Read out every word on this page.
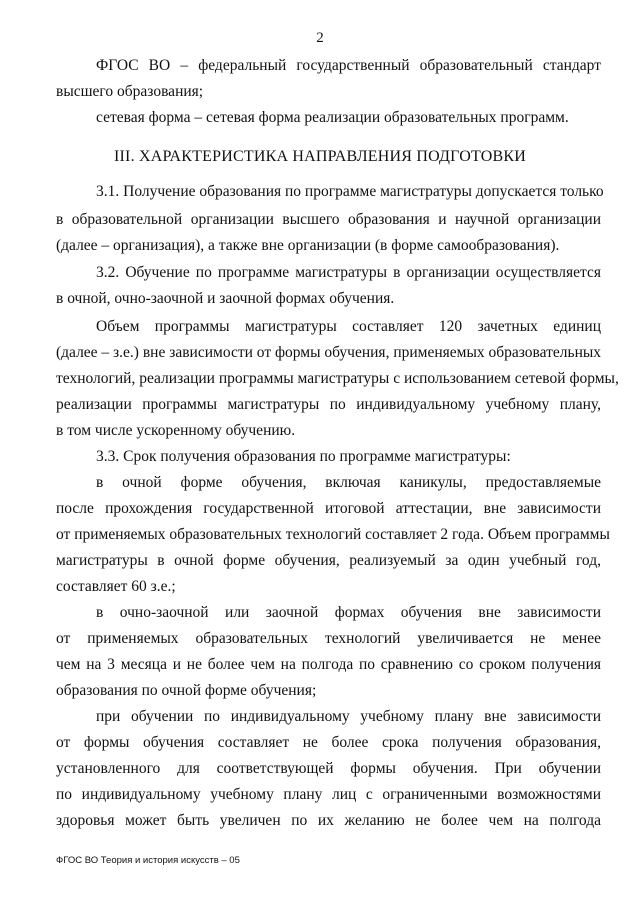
2
ФГОС ВО – федеральный государственный образовательный стандарт
высшего образования;
сетевая форма – сетевая форма реализации образовательных программ.
III. ХАРАКТЕРИСТИКА НАПРАВЛЕНИЯ ПОДГОТОВКИ
3.1. Получение образования по программе магистратуры допускается только
в образовательной организации высшего образования и научной организации
(далее – организация), а также вне организации (в форме самообразования).
3.2. Обучение по программе магистратуры в организации осуществляется
в очной, очно-заочной и заочной формах обучения.
Объем программы магистратуры составляет 120 зачетных единиц
(далее – з.е.) вне зависимости от формы обучения, применяемых образовательных
технологий, реализации программы магистратуры с использованием сетевой формы,
реализации программы магистратуры по индивидуальному учебному плану,
в том числе ускоренному обучению.
3.3. Срок получения образования по программе магистратуры:
в очной форме обучения, включая каникулы, предоставляемые
после прохождения государственной итоговой аттестации, вне зависимости
от применяемых образовательных технологий составляет 2 года. Объем программы
магистратуры в очной форме обучения, реализуемый за один учебный год,
составляет 60 з.е.;
в очно-заочной или заочной формах обучения вне зависимости
от применяемых образовательных технологий увеличивается не менее
чем на 3 месяца и не более чем на полгода по сравнению со сроком получения
образования по очной форме обучения;
при обучении по индивидуальному учебному плану вне зависимости
от формы обучения составляет не более срока получения образования,
установленного для соответствующей формы обучения. При обучении
по индивидуальному учебному плану лиц с ограниченными возможностями
здоровья может быть увеличен по их желанию не более чем на полгода
ФГОС ВО Теория и история искусств – 05
